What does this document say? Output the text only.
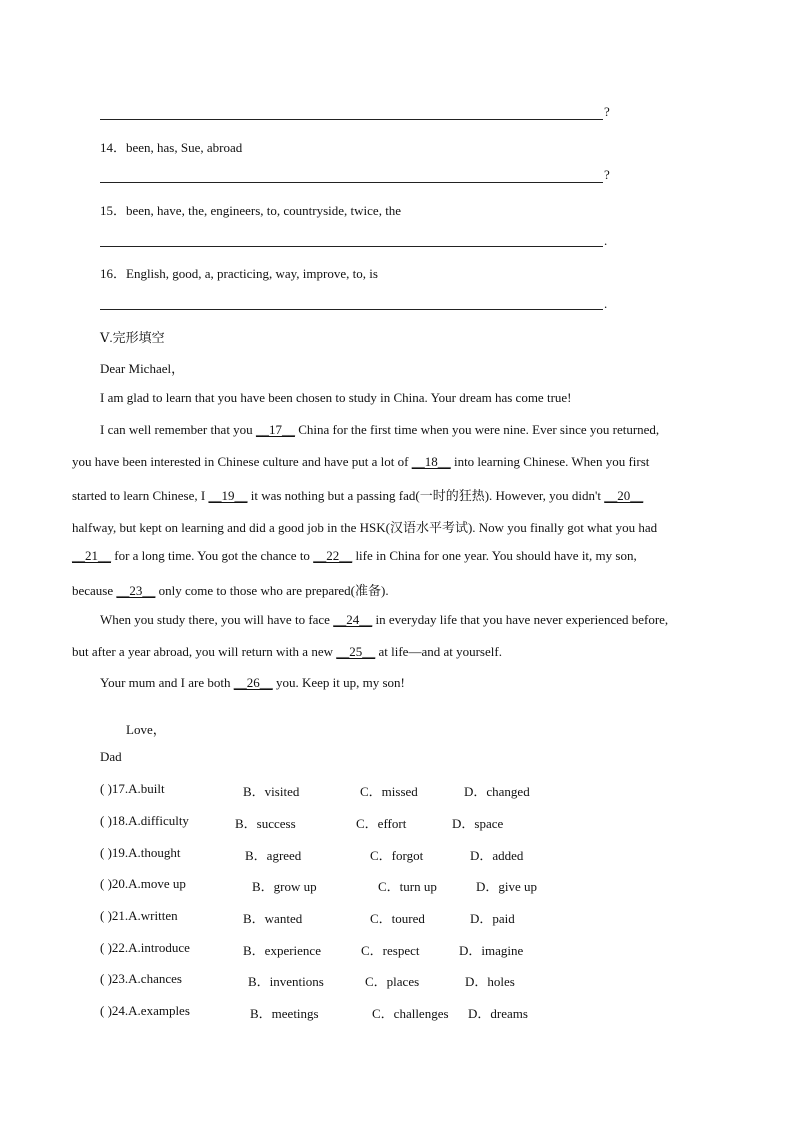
?
14．been, has, Sue, abroad
?
15．been, have, the, engineers, to, countryside, twice, the
.
16．English, good, a, practicing, way, improve, to, is
.
Ⅴ.完形填空
Dear Michael，
I am glad to learn that you have been chosen to study in China. Your dream has come true!
I can well remember that you __17__ China for the first time when you were nine. Ever since you returned,
you have been interested in Chinese culture and have put a lot of __18__ into learning Chinese. When you first
started to learn Chinese, I __19__ it was nothing but a passing fad(一时的狂热). However, you didn't __20__
halfway, but kept on learning and did a good job in the HSK(汉语水平考试). Now you finally got what you had
__21__ for a long time. You got the chance to __22__ life in China for one year. You should have it, my son,
because __23__ only come to those who are prepared(准备).
When you study there, you will have to face __24__ in everyday life that you have never experienced before,
but after a year abroad, you will return with a new __25__ at life—and at yourself.
Your mum and I are both __26__ you. Keep it up, my son!
Love，
Dad
( )17.A.built	B．visited	C．missed	D．changed
( )18.A.difficulty	B．success	C．effort	D．space
( )19.A.thought	B．agreed	C．forgot	D．added
( )20.A.move up	B．grow up	C．turn up	D．give up
( )21.A.written	B．wanted	C．toured	D．paid
( )22.A.introduce	B．experience	C．respect	D．imagine
( )23.A.chances	B．inventions	C．places	D．holes
( )24.A.examples	B．meetings	C．challenges D．dreams
